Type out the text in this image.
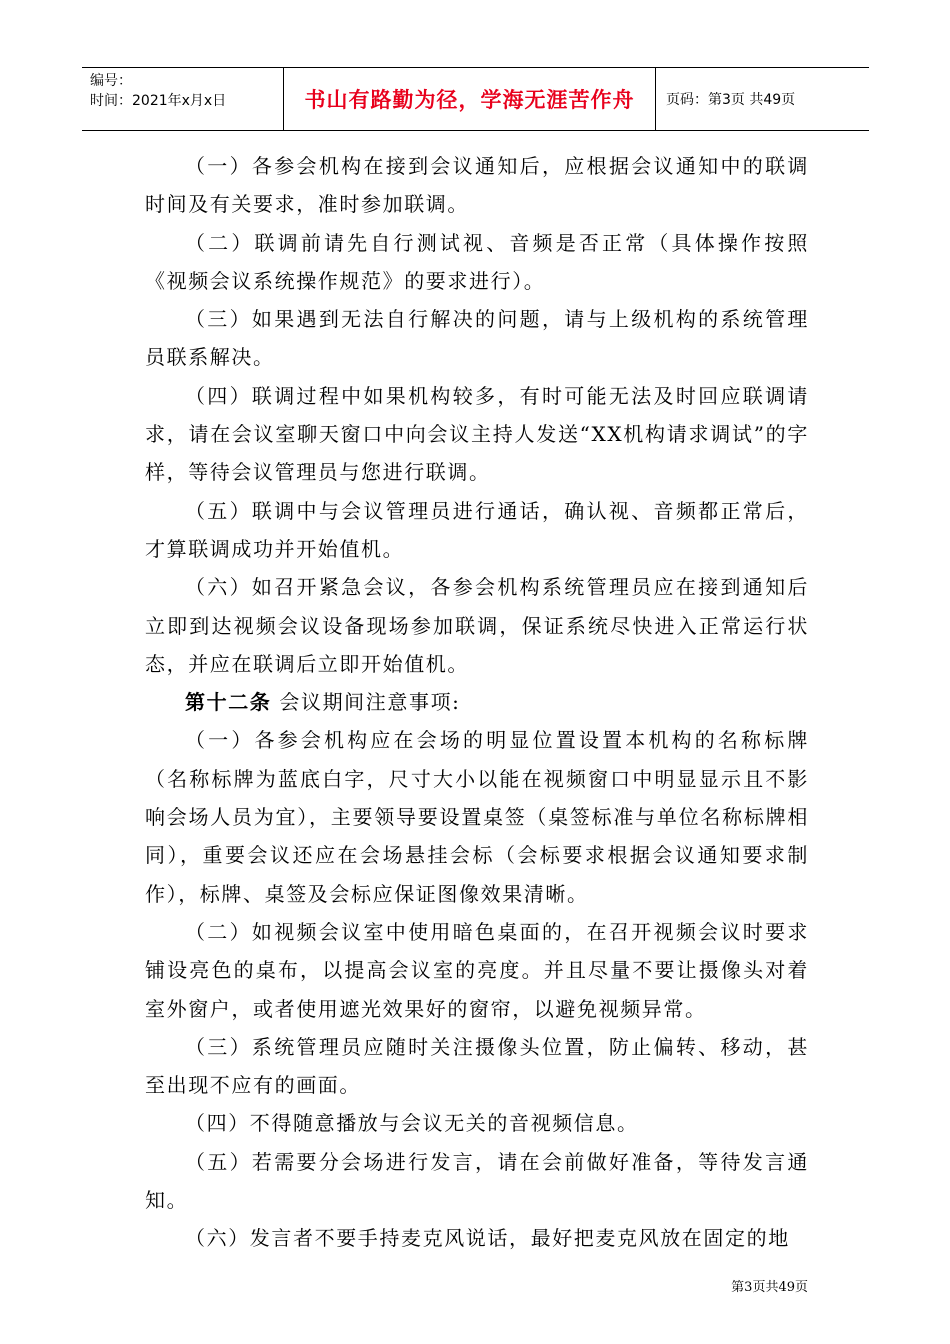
编号：
时间：2021年x月x日	书山有路勤为径，学海无涯苦作舟 页码：第3页 共49页

（一）各参会机构在接到会议通知后，应根据会议通知中的联调时间及有关要求，准时参加联调。

（二）联调前请先自行测试视、音频是否正常（具体操作按照《视频会议系统操作规范》的要求进行）。

（三）如果遇到无法自行解决的问题，请与上级机构的系统管理员联系解决。

（四）联调过程中如果机构较多，有时可能无法及时回应联调请求，请在会议室聊天窗口中向会议主持人发送“XX机构请求调试”的字样，等待会议管理员与您进行联调。

（五）联调中与会议管理员进行通话，确认视、音频都正常后，才算联调成功并开始值机。

（六）如召开紧急会议，各参会机构系统管理员应在接到通知后立即到达视频会议设备现场参加联调，保证系统尽快进入正常运行状态，并应在联调后立即开始值机。

第十二条 会议期间注意事项:

（一）各参会机构应在会场的明显位置设置本机构的名称标牌（名称标牌为蓝底白字，尺寸大小以能在视频窗口中明显显示且不影响会场人员为宜），主要领导要设置桌签（桌签标准与单位名称标牌相同），重要会议还应在会场悬挂会标（会标要求根据会议通知要求制作），标牌、桌签及会标应保证图像效果清晰。

（二）如视频会议室中使用暗色桌面的，在召开视频会议时要求铺设亮色的桌布，以提高会议室的亮度。并且尽量不要让摄像头对着室外窗户，或者使用遮光效果好的窗帘，以避免视频异常。

（三）系统管理员应随时关注摄像头位置，防止偏转、移动，甚至出现不应有的画面。

（四）不得随意播放与会议无关的音视频信息。

（五）若需要分会场进行发言，请在会前做好准备，等待发言通知。

（六）发言者不要手持麦克风说话，最好把麦克风放在固定的地

第3页共49页
